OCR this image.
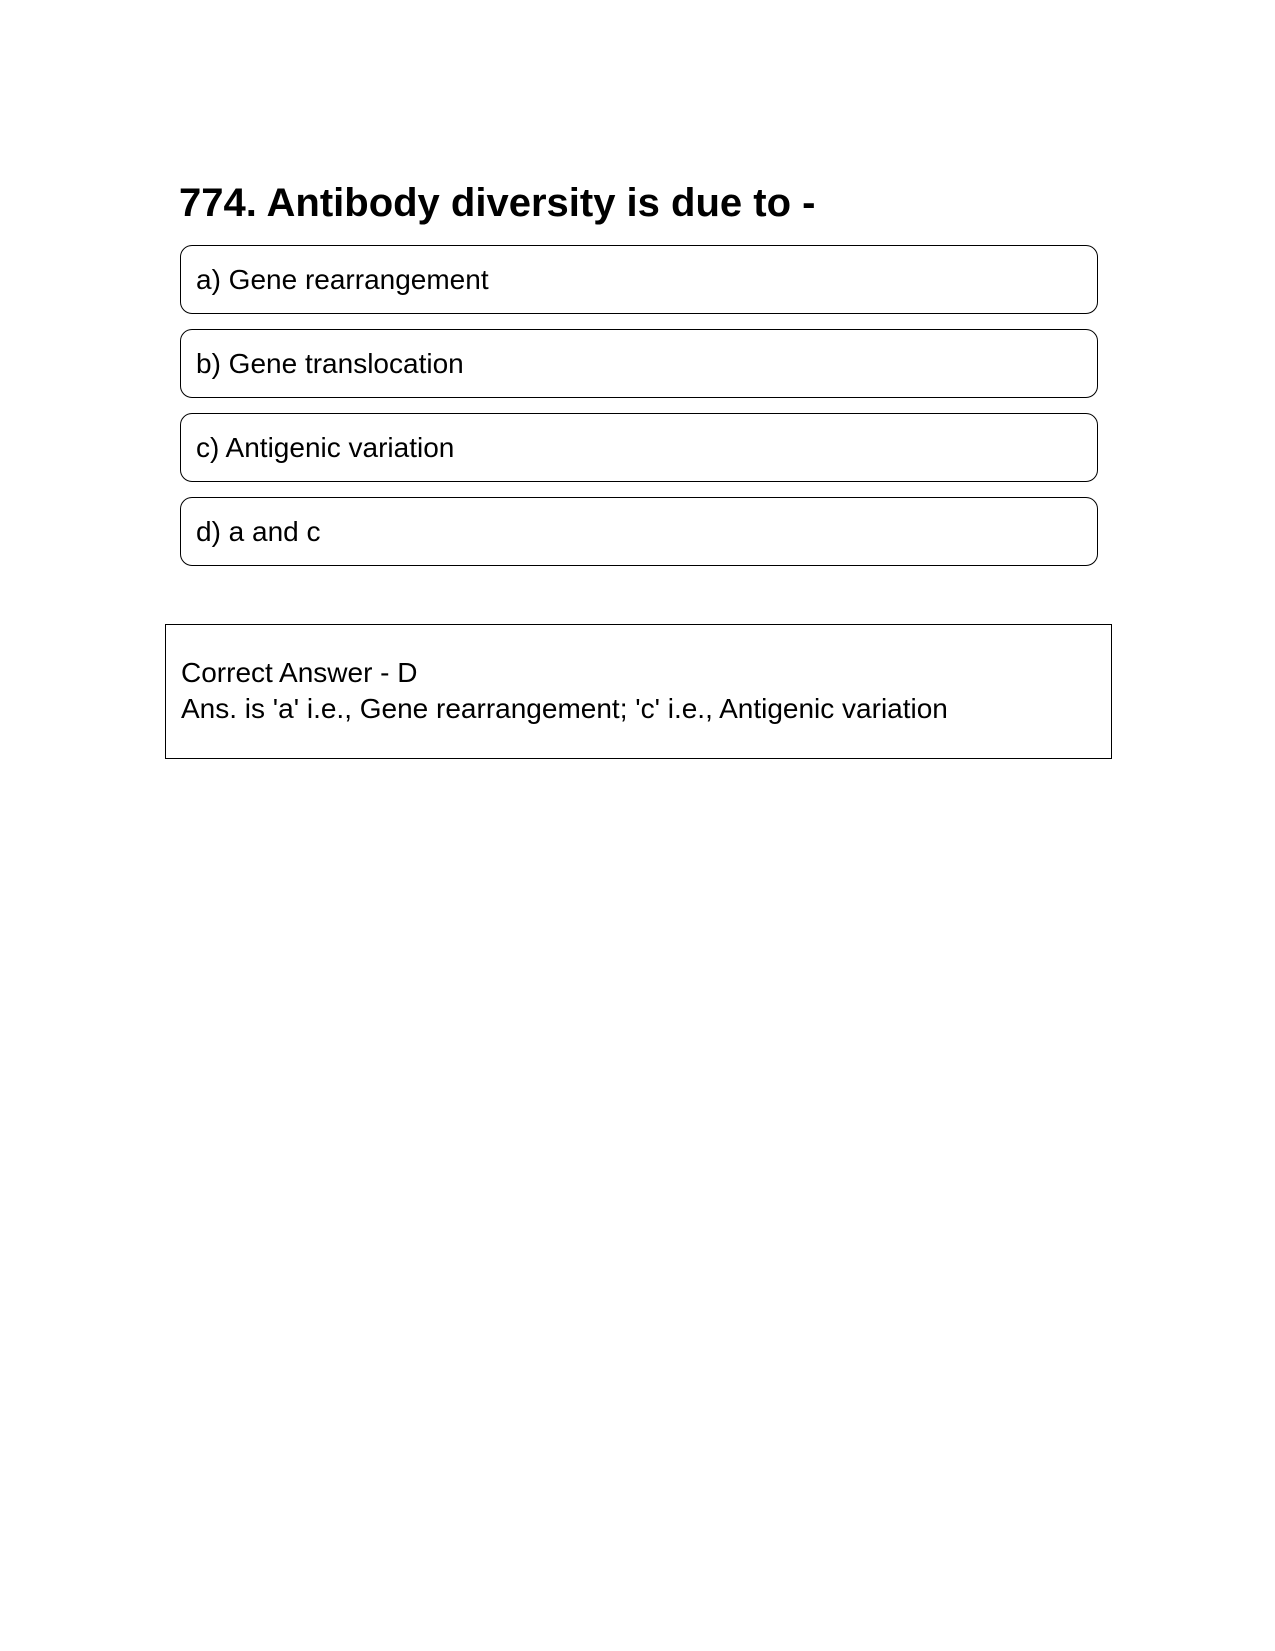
774. Antibody diversity is due to -
a) Gene rearrangement
b) Gene translocation
c) Antigenic variation
d) a and c
Correct Answer - D
Ans. is 'a' i.e., Gene rearrangement; 'c' i.e., Antigenic variation
